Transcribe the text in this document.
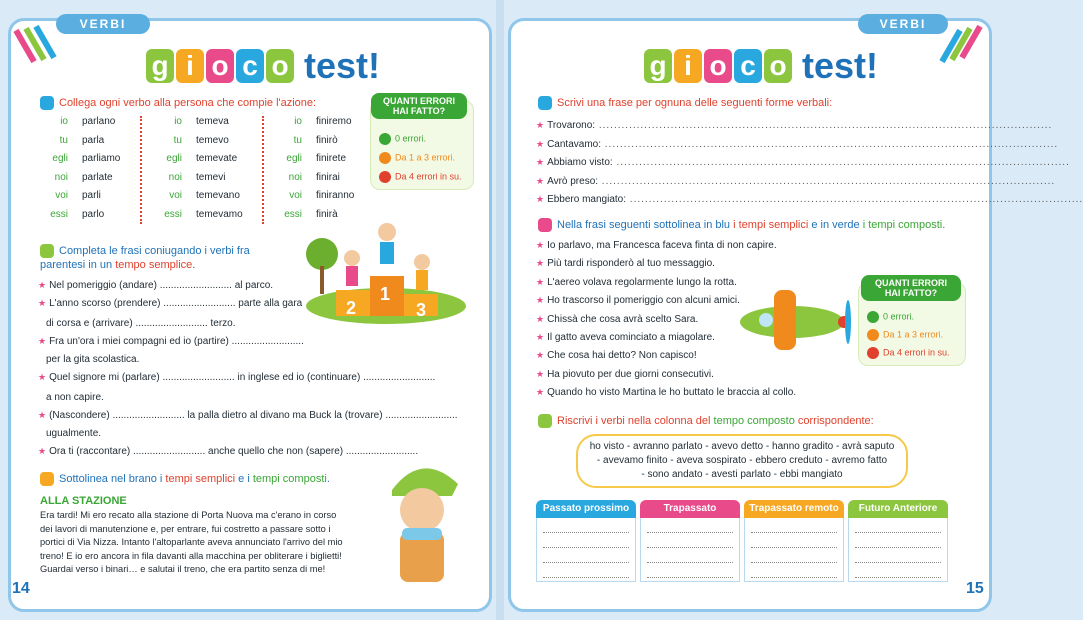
VERBI
g i o c o test!
Collega ogni verbo alla persona che compie l'azione:
io parlano
tu parla
egli parliamo
noi parlate
voi parli
essi parlo
io temeva
tu temevo
egli temevate
noi temevi
voi temevano
essi temevamo
io finiremo
tu finirò
egli finirete
noi finirai
voi finiranno
essi finirà
QUANTI ERRORI HAI FATTO?
0 errori.
Da 1 a 3 errori.
Da 4 errori in su.
Completa le frasi coniugando i verbi fra
parentesi in un tempo semplice.
★ Nel pomeriggio (andare) .......................... al parco.
★ L'anno scorso (prendere) .......................... parte alla gara
di corsa e (arrivare) .......................... terzo.
★ Fra un'ora i miei compagni ed io (partire) ..........................
per la gita scolastica.
★ Quel signore mi (parlare) .......................... in inglese ed io (continuare) ..........................
a non capire.
★ (Nascondere) .......................... la palla dietro al divano ma Buck la (trovare) ..........................
ugualmente.
★ Ora ti (raccontare) .......................... anche quello che non (sapere) ..........................
2
1
3
Sottolinea nel brano i tempi semplici e i tempi composti.
ALLA STAZIONE
Era tardi! Mi ero recato alla stazione di Porta Nuova ma c'erano in corso
dei lavori di manutenzione e, per entrare, fui costretto a passare sotto i
portici di Via Nizza. Intanto l'altoparlante aveva annunciato l'arrivo del mio
treno! E io ero ancora in fila davanti alla macchina per obliterare i biglietti!
Guardai verso i binari… e salutai il treno, che era partito senza di me!
14
VERBI
g i o c o test!
Scrivi una frase per ognuna delle seguenti forme verbali:
★ Trovarono: ........................................................................................................................
★ Cantavamo: ........................................................................................................................
★ Abbiamo visto: ........................................................................................................................
★ Avrò preso: ........................................................................................................................
★ Ebbero mangiato: ........................................................................................................................
Nella frasi seguenti sottolinea in blu i tempi semplici e in verde i tempi composti.
★ Io parlavo, ma Francesca faceva finta di non capire.
★ Più tardi risponderò al tuo messaggio.
★ L'aereo volava regolarmente lungo la rotta.
★ Ho trascorso il pomeriggio con alcuni amici.
★ Chissà che cosa avrà scelto Sara.
★ Il gatto aveva cominciato a miagolare.
★ Che cosa hai detto? Non capisco!
★ Ha piovuto per due giorni consecutivi.
★ Quando ho visto Martina le ho buttato le braccia al collo.
QUANTI ERRORI HAI FATTO?
0 errori.
Da 1 a 3 errori.
Da 4 errori in su.
Riscrivi i verbi nella colonna del tempo composto corrispondente:
ho visto - avranno parlato - avevo detto - hanno gradito - avrà saputo
- avevamo finito - aveva sospirato - ebbero creduto - avremo fatto
- sono andato - avesti parlato - ebbi mangiato
Passato prossimo	Trapassato prossimo
Trapassato remoto	Futuro Anteriore
15
